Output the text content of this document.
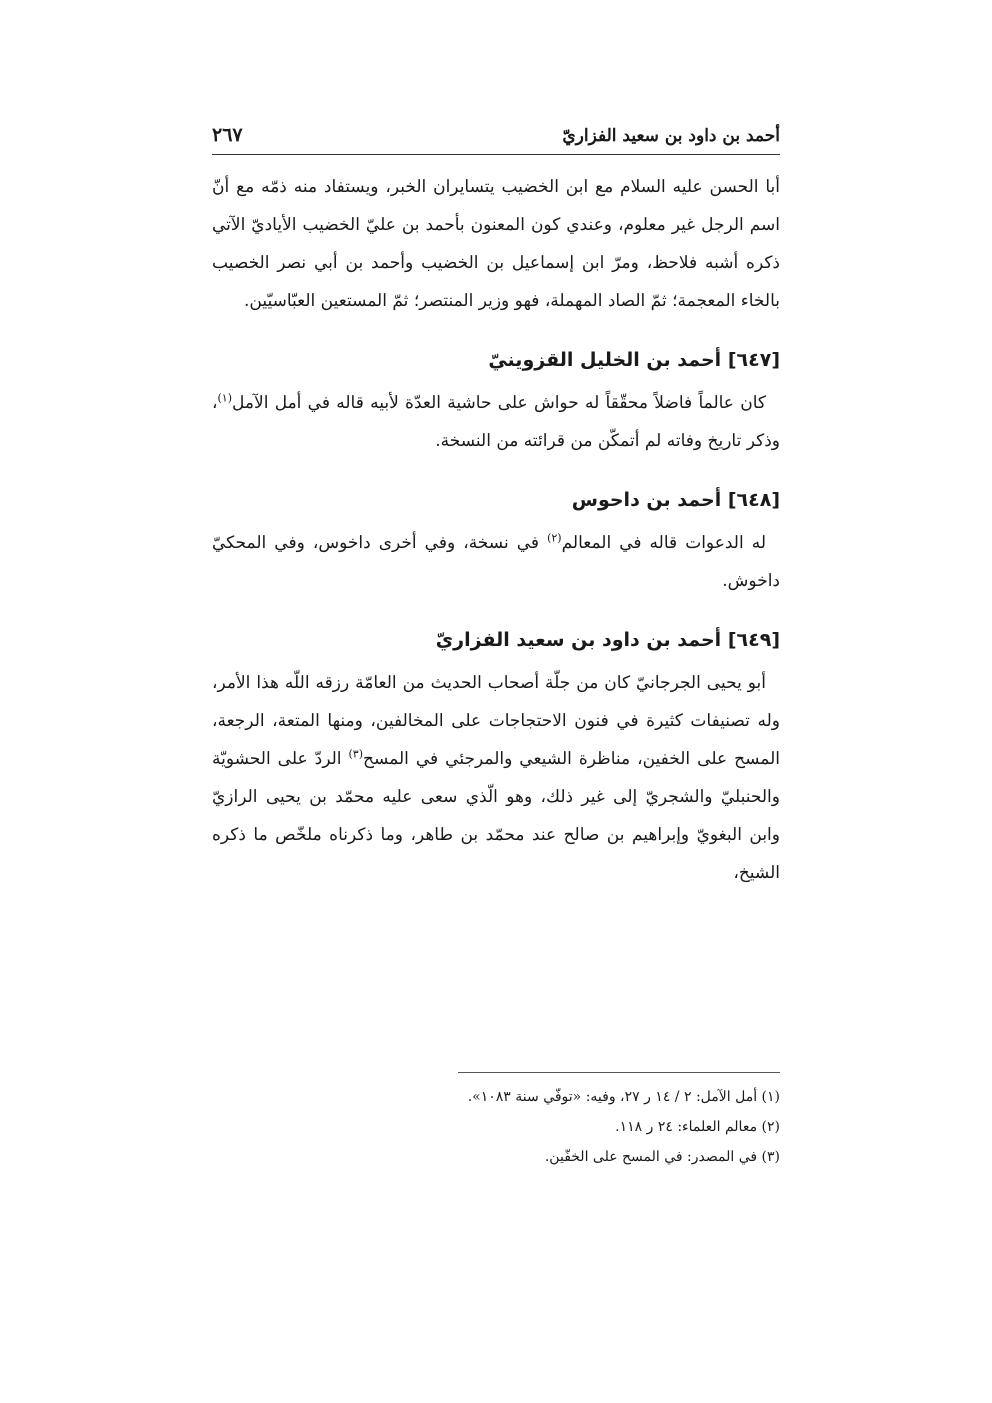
أحمد بن داود بن سعيد الفزاريّ
٢٦٧

أبا الحسن عليه السلام مع ابن الخضيب يتسايران الخبر، ويستفاد منه ذمّه مع أنّ اسم الرجل غير معلوم، وعندي كون المعنون بأحمد بن عليّ الخضيب الأياديّ الآتي ذكره أشبه فلاحظ، ومرّ ابن إسماعيل بن الخضيب وأحمد بن أبي نصر الخصيب بالخاء المعجمة؛ ثمّ الصاد المهملة، فهو وزير المنتصر؛ ثمّ المستعين العبّاسيّين.

[٦٤٧] أحمد بن الخليل القزوينيّ

كان عالماً فاضلاً محقّقاً له حواش على حاشية العدّة لأبيه قاله في أمل الآمل$^{(١)}$، وذكر تاريخ وفاته لم أتمكّن من قرائته من النسخة.

[٦٤٨] أحمد بن داحوس

له الدعوات قاله في المعالم$^{(٢)}$ في نسخة، وفي أخرى داخوس، وفي المحكيّ داخوش.

[٦٤٩] أحمد بن داود بن سعيد الفزاريّ

أبو يحيى الجرجانيّ كان من جلّة أصحاب الحديث من العامّة رزقه اللّه هذا الأمر، وله تصنيفات كثيرة في فنون الاحتجاجات على المخالفين، ومنها المتعة، الرجعة، المسح على الخفين، مناظرة الشيعي والمرجئي في المسح$^{(٣)}$ الردّ على الحشويّة والحنبليّ والشجريّ إلى غير ذلك، وهو الّذي سعى عليه محمّد بن يحيى الرازيّ وابن البغويّ وإبراهيم بن صالح عند محمّد بن طاهر، وما ذكرناه ملخّص ما ذكره الشيخ،

(١) أمل الآمل: ٢ / ١٤ ر ٢٧، وفيه: «توفّي سنة ١٠٨٣».

(٢) معالم العلماء: ٢٤ ر ١١٨.

(٣) في المصدر: في المسح على الخفّين.
